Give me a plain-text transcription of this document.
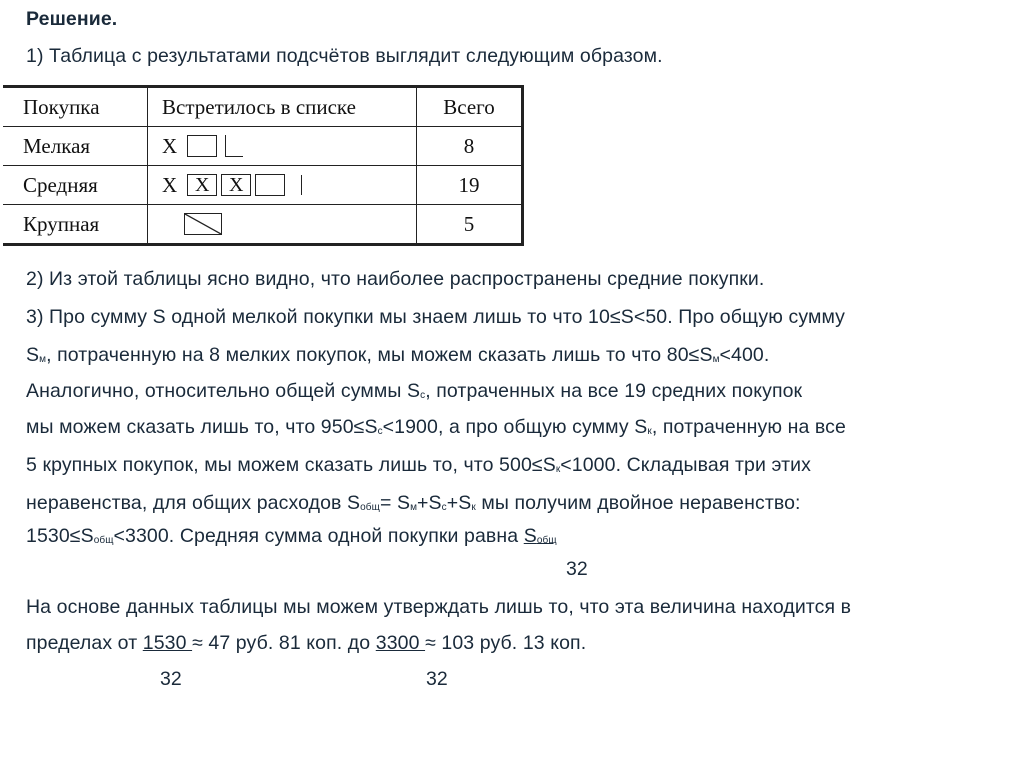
Решение.
1) Таблица с результатами подсчётов выглядит следующим образом.
Покупка	Встретилось в списке	Всего
Мелкая	X	8
Средняя	X X X	19
Крупная		5
2) Из этой таблицы ясно видно, что наиболее распространены средние покупки.
3) Про сумму S одной мелкой покупки мы знаем лишь то что 10≤S<50. Про общую сумму
Sм, потраченную на 8 мелких покупок, мы можем сказать лишь то что 80≤Sм<400.
Аналогично, относительно общей суммы Sс, потраченных на все 19 средних покупок
мы можем сказать лишь то, что 950≤Sс<1900, а про общую сумму Sк, потраченную на все
5 крупных покупок, мы можем сказать лишь то, что 500≤Sк<1000. Складывая три этих
неравенства, для общих расходов Sобщ= Sм+Sс+Sк мы получим двойное неравенство:
1530≤Sобщ<3300. Средняя сумма одной покупки равна Sобщ
32
На основе данных таблицы мы можем утверждать лишь то, что эта величина находится в
пределах от 1530 ≈ 47 руб. 81 коп. до 3300 ≈ 103 руб. 13 коп.
32	32
